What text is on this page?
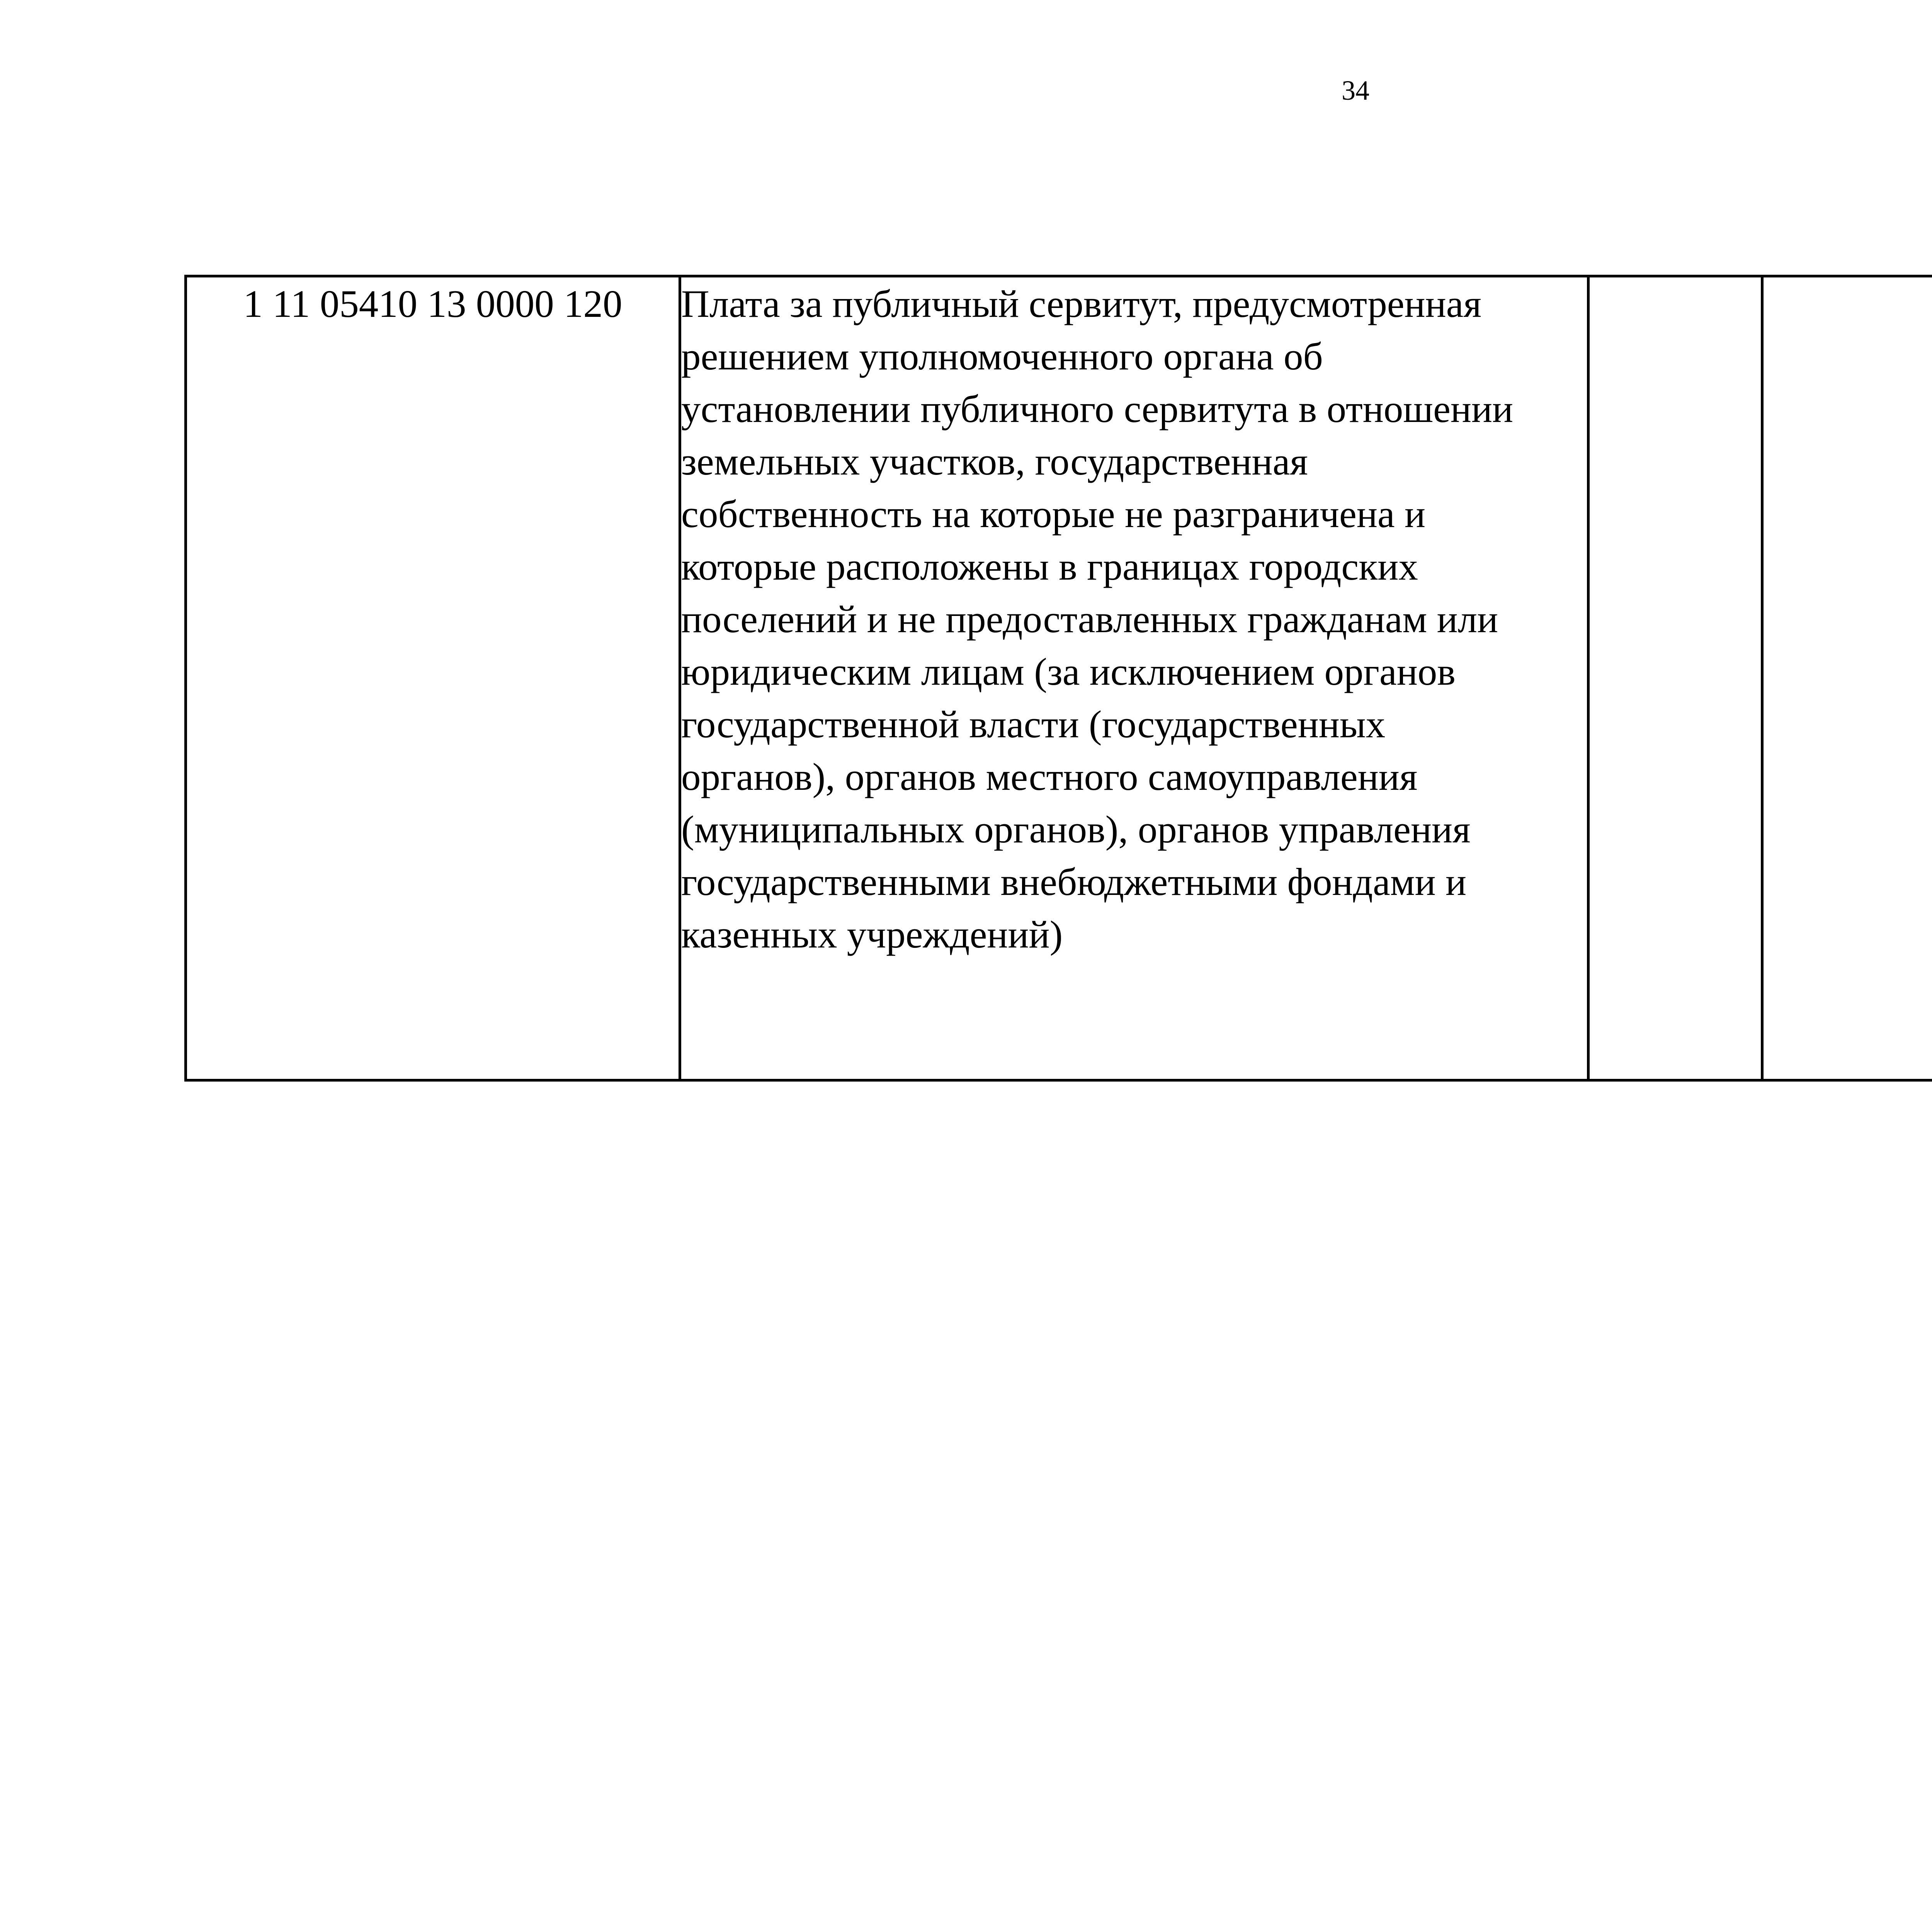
34
1 11 05410 13 0000 120	Плата за публичный сервитут, предусмотренная
решением уполномоченного органа об
установлении публичного сервитута в отношении
земельных участков, государственная
собственность на которые не разграничена и
которые расположены в границах городских
поселений и не предоставленных гражданам или
юридическим лицам (за исключением органов
государственной власти (государственных
органов), органов местного самоуправления
(муниципальных органов), органов управления
государственными внебюджетными фондами и
казенных учреждений)
